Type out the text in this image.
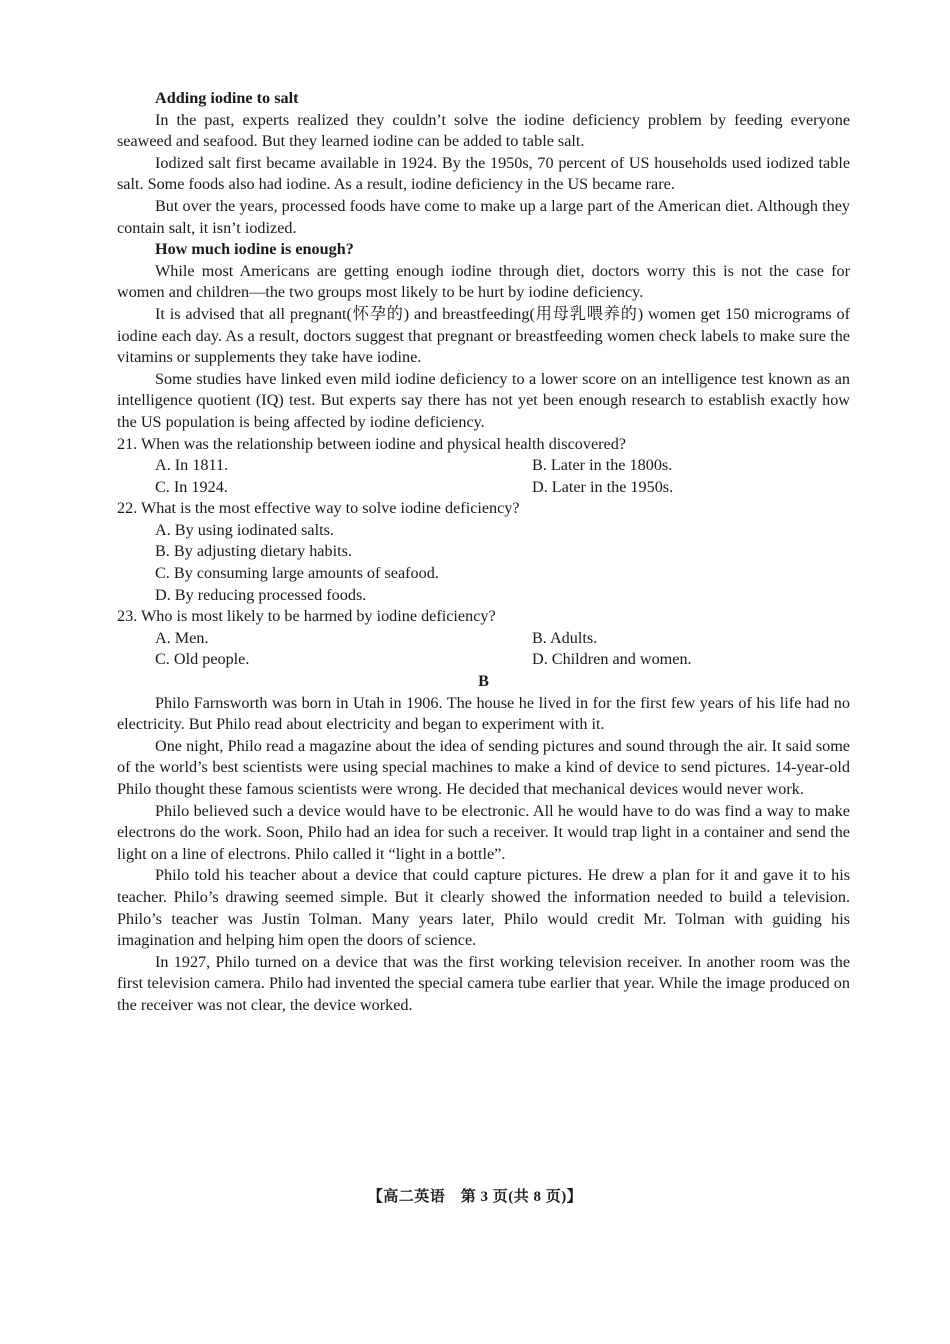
Adding iodine to salt

In the past, experts realized they couldn’t solve the iodine deficiency problem by feeding everyone seaweed and seafood. But they learned iodine can be added to table salt.

Iodized salt first became available in 1924. By the 1950s, 70 percent of US households used iodized table salt. Some foods also had iodine. As a result, iodine deficiency in the US became rare.

But over the years, processed foods have come to make up a large part of the American diet. Although they contain salt, it isn’t iodized.

How much iodine is enough?

While most Americans are getting enough iodine through diet, doctors worry this is not the case for women and children—the two groups most likely to be hurt by iodine deficiency.

It is advised that all pregnant(怀孕的) and breastfeeding(用母乳喂养的) women get 150 micrograms of iodine each day. As a result, doctors suggest that pregnant or breastfeeding women check labels to make sure the vitamins or supplements they take have iodine.

Some studies have linked even mild iodine deficiency to a lower score on an intelligence test known as an intelligence quotient (IQ) test. But experts say there has not yet been enough research to establish exactly how the US population is being affected by iodine deficiency.

21. When was the relationship between iodine and physical health discovered?

A. In 1811.	B. Later in the 1800s.
C. In 1924.	D. Later in the 1950s.

22. What is the most effective way to solve iodine deficiency?

A. By using iodinated salts.
B. By adjusting dietary habits.
C. By consuming large amounts of seafood.
D. By reducing processed foods.

23. Who is most likely to be harmed by iodine deficiency?

A. Men.	B. Adults.
C. Old people.	D. Children and women.

B

Philo Farnsworth was born in Utah in 1906. The house he lived in for the first few years of his life had no electricity. But Philo read about electricity and began to experiment with it.

One night, Philo read a magazine about the idea of sending pictures and sound through the air. It said some of the world’s best scientists were using special machines to make a kind of device to send pictures. 14-year-old Philo thought these famous scientists were wrong. He decided that mechanical devices would never work.

Philo believed such a device would have to be electronic. All he would have to do was find a way to make electrons do the work. Soon, Philo had an idea for such a receiver. It would trap light in a container and send the light on a line of electrons. Philo called it “light in a bottle”.

Philo told his teacher about a device that could capture pictures. He drew a plan for it and gave it to his teacher. Philo’s drawing seemed simple. But it clearly showed the information needed to build a television. Philo’s teacher was Justin Tolman. Many years later, Philo would credit Mr. Tolman with guiding his imagination and helping him open the doors of science.

In 1927, Philo turned on a device that was the first working television receiver. In another room was the first television camera. Philo had invented the special camera tube earlier that year. While the image produced on the receiver was not clear, the device worked.

【高二英语　第 3 页(共 8 页)】
